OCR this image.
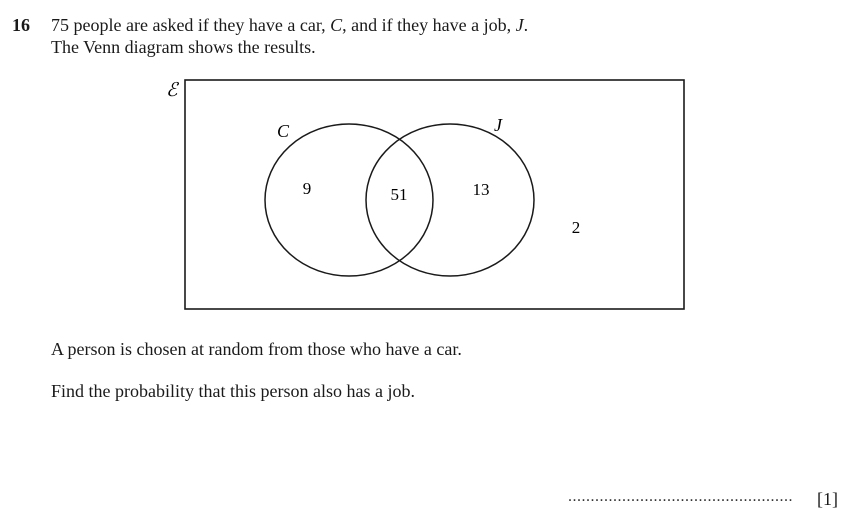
16 75 people are asked if they have a car, C, and if they have a job, J.
The Venn diagram shows the results.
ℰ
C	J
9	51	13
2
A person is chosen at random from those who have a car.
Find the probability that this person also has a job.
.................................................. [1]
